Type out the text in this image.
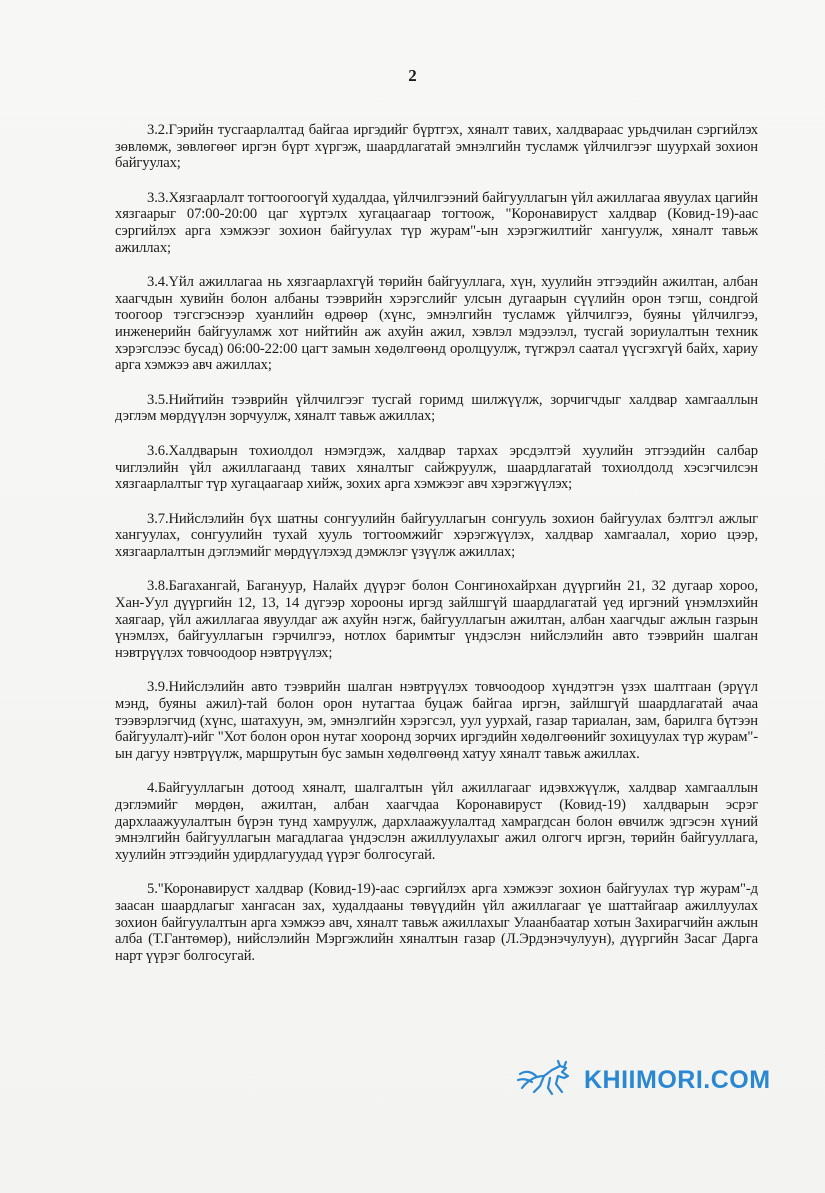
2

3.2.Гэрийн тусгаарлалтад байгаа иргэдийг бүртгэх, хяналт тавих, халдвараас урьдчилан сэргийлэх зөвлөмж, зөвлөгөөг иргэн бүрт хүргэж, шаардлагатай эмнэлгийн тусламж үйлчилгээг шуурхай зохион байгуулах;

3.3.Хязгаарлалт тогтоогоогүй худалдаа, үйлчилгээний байгууллагын үйл ажиллагаа явуулах цагийн хязгаарыг 07:00-20:00 цаг хүртэлх хугацаагаар тогтоож, "Коронавируст халдвар (Ковид-19)-аас сэргийлэх арга хэмжээг зохион байгуулах түр журам"-ын хэрэгжилтийг хангуулж, хяналт тавьж ажиллах;

3.4.Үйл ажиллагаа нь хязгаарлахгүй төрийн байгууллага, хүн, хуулийн этгээдийн ажилтан, албан хаагчдын хувийн болон албаны тээврийн хэрэгслийг улсын дугаарын сүүлийн орон тэгш, сондгой тоогоор тэгсгэснээр хуанлийн өдрөөр (хүнс, эмнэлгийн тусламж үйлчилгээ, буяны үйлчилгээ, инженерийн байгууламж хот нийтийн аж ахуйн ажил, хэвлэл мэдээлэл, тусгай зориулалтын техник хэрэгслээс бусад) 06:00-22:00 цагт замын хөдөлгөөнд оролцуулж, түгжрэл саатал үүсгэхгүй байх, хариу арга хэмжээ авч ажиллах;

3.5.Нийтийн тээврийн үйлчилгээг тусгай горимд шилжүүлж, зорчигчдыг халдвар хамгааллын дэглэм мөрдүүлэн зорчуулж, хяналт тавьж ажиллах;

3.6.Халдварын тохиолдол нэмэгдэж, халдвар тархах эрсдэлтэй хуулийн этгээдийн салбар чиглэлийн үйл ажиллагаанд тавих хяналтыг сайжруулж, шаардлагатай тохиолдолд хэсэгчилсэн хязгаарлалтыг түр хугацаагаар хийж, зохих арга хэмжээг авч хэрэгжүүлэх;

3.7.Нийслэлийн бүх шатны сонгуулийн байгууллагын сонгууль зохион байгуулах бэлтгэл ажлыг хангуулах, сонгуулийн тухай хууль тогтоомжийг хэрэгжүүлэх, халдвар хамгаалал, хорио цээр, хязгаарлалтын дэглэмийг мөрдүүлэхэд дэмжлэг үзүүлж ажиллах;

3.8.Багахангай, Багануур, Налайх дүүрэг болон Сонгинохайрхан дүүргийн 21, 32 дугаар хороо, Хан-Уул дүүргийн 12, 13, 14 дүгээр хорооны иргэд зайлшгүй шаардлагатай үед иргэний үнэмлэхийн хаягаар, үйл ажиллагаа явуулдаг аж ахуйн нэгж, байгууллагын ажилтан, албан хаагчдыг ажлын газрын үнэмлэх, байгууллагын гэрчилгээ, нотлох баримтыг үндэслэн нийслэлийн авто тээврийн шалган нэвтрүүлэх товчоодоор нэвтрүүлэх;

3.9.Нийслэлийн авто тээврийн шалган нэвтрүүлэх товчоодоор хүндэтгэн үзэх шалтгаан (эрүүл мэнд, буяны ажил)-тай болон орон нутагтаа буцаж байгаа иргэн, зайлшгүй шаардлагатай ачаа тээвэрлэгчид (хүнс, шатахуун, эм, эмнэлгийн хэрэгсэл, уул уурхай, газар тариалан, зам, барилга бүтээн байгуулалт)-ийг "Хот болон орон нутаг хооронд зорчих иргэдийн хөдөлгөөнийг зохицуулах түр журам"-ын дагуу нэвтрүүлж, маршрутын бус замын хөдөлгөөнд хатуу хяналт тавьж ажиллах.

4.Байгууллагын дотоод хяналт, шалгалтын үйл ажиллагааг идэвхжүүлж, халдвар хамгааллын дэглэмийг мөрдөн, ажилтан, албан хаагчдаа Коронавируст (Ковид-19) халдварын эсрэг дархлаажуулалтын бүрэн тунд хамруулж, дархлаажуулалтад хамрагдсан болон өвчилж эдгэсэн хүний эмнэлгийн байгууллагын магадлагаа үндэслэн ажиллуулахыг ажил олгогч иргэн, төрийн байгууллага, хуулийн этгээдийн удирдлагуудад үүрэг болгосугай.

5."Коронавируст халдвар (Ковид-19)-аас сэргийлэх арга хэмжээг зохион байгуулах түр журам"-д заасан шаардлагыг хангасан зах, худалдааны төвүүдийн үйл ажиллагааг үе шаттайгаар ажиллуулах зохион байгуулалтын арга хэмжээ авч, хяналт тавьж ажиллахыг Улаанбаатар хотын Захирагчийн ажлын алба (Т.Гантөмөр), нийслэлийн Мэргэжлийн хяналтын газар (Л.Эрдэнэчулуун), дүүргийн Засаг Дарга нарт үүрэг болгосугай.

KHIIMORI.COM
